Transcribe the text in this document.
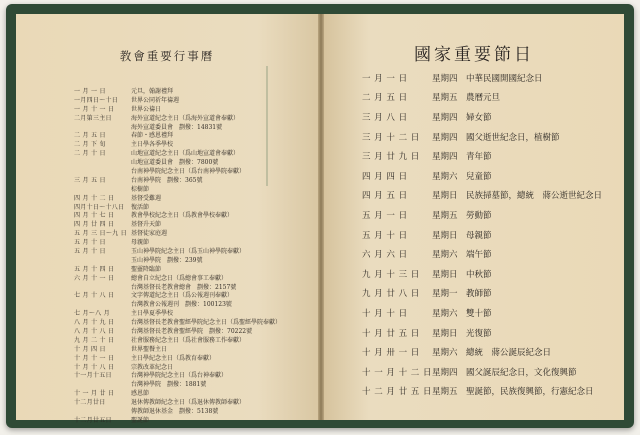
教會重要行事曆
一 月 一 日	元旦，翰謝禮拜
一月四日～十日	世界公同祈年禱週
一 月 十 一 日	世界公禱日
二月第三主日	海外宣道紀念主日（爲海外宣道會奉獻）
海外宣道委員會　劃撥：14831號
二 月 五 日	春節・感恩禮拜
二 月 下 旬	主日學各季學校
二 月 十 日	山地宣道紀念主日（爲山地宣道會奉獻）
山地宣道委員會　劃撥：7800號
台南神學院紀念主日（爲台南神學院奉獻）
三 月 五 日	台南神學院　劃撥：365號
棕樹節
四 月 十 二 日	基督受難週
四月十日～十八日	復活節
四 月 十 七 日	教會學校紀念主日（爲教會學校奉獻）
四 月 廿 四 日	基督升天節
五 月 三 日～九 日 基督徒家庭週
五 月 十 日	母親節
五 月 十 日	玉山神學院紀念主日（爲玉山神學院奉獻）
玉山神學院　劃撥：239號
五 月 十 四 日	聖靈降臨節
六 月 十 一 日	總會自立紀念日（爲總會事工奉獻）
台灣基督長老教會總會　劃撥：2157號
七 月 十 八 日	文字傳道紀念主日（爲公報週刊奉獻）
台灣教會公報週刊　劃撥：100123號
七 月～八 月	主日學夏季學校
八 月 十 九 日	台灣基督長老教會聖經學院紀念主日（爲聖經學院奉獻）
八 月 十 八 日	台灣基督長老教會聖經學院　劃撥：70222號
九 月 二 十 日	社會服務紀念主日（爲社會服務工作奉獻）
十 月 四 日	世界聖餐主日
十 月 十 一 日	主日學紀念主日（爲教育奉獻）
十 月 十 八 日	宗教改革紀念日
十一月十五日	台灣神學院紀念主日（爲台神奉獻）
台灣神學院　劃撥：1881號
十 一 月 廿 日	感恩節
十二月廿日	退休傳教師紀念主日（爲退休傳教師奉獻）
傳教師退休基金　劃撥：5138號
十二月廿五日	聖誕節
國家重要節日
一 月 一 日	星期四 中華民國開國紀念日
二 月 五 日	星期五 農曆元旦
三 月 八 日	星期四 婦女節
三 月 十 二 日	星期四 國父逝世紀念日，植樹節
三 月 廿 九 日	星期四 青年節
四 月 四 日	星期六 兒童節
四 月 五 日	星期日 民族掃墓節，總統　蔣公逝世紀念日
五 月 一 日	星期五 勞動節
五 月 十 日	星期日 母親節
六 月 六 日	星期六 端午節
九 月 十 三 日	星期日 中秋節
九 月 廿 八 日	星期一 教師節
十 月 十 日	星期六 雙十節
十 月 廿 五 日	星期日 光復節
十 月 卅 一 日	星期六 總統　蔣公誕辰紀念日
十 一 月 十 二 日 星期四 國父誕辰紀念日，文化復興節
十 二 月 廿 五 日 星期五 聖誕節，民族復興節，行憲紀念日
